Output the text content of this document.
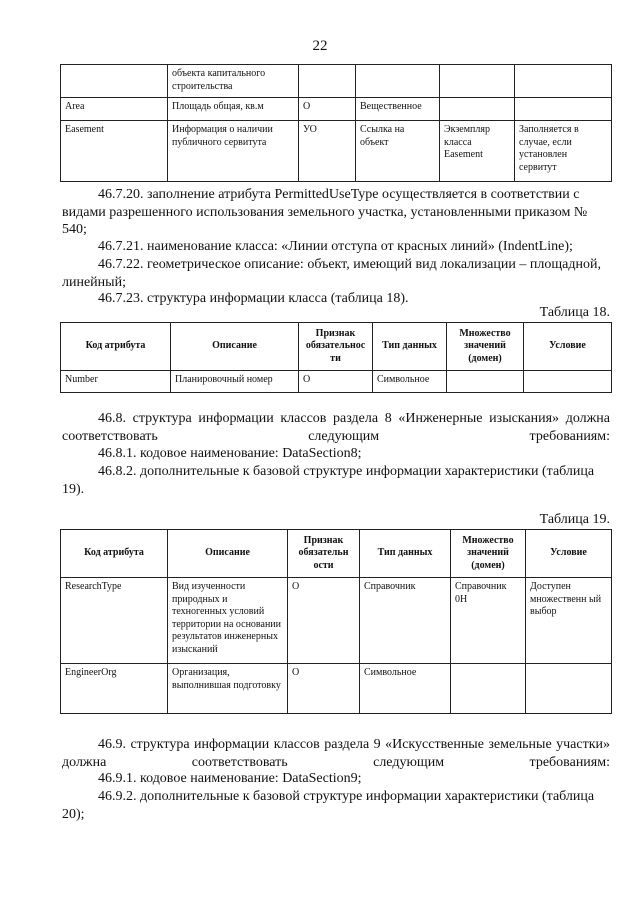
22
	объекта капитального строительства				
Area	Площадь общая, кв.м	О	Вещественное		
Easement	Информация о наличии публичного сервитута	УО	Ссылка на объект	Экземпляр класса Easement	Заполняется в случае, если установлен сервитут

46.7.20. заполнение атрибута PermittedUseType осуществляется в соответствии с видами разрешенного использования земельного участка, установленными приказом № 540;

46.7.21. наименование класса: «Линии отступа от красных линий» (IndentLine);

46.7.22. геометрическое описание: объект, имеющий вид локализации – площадной, линейный;

46.7.23. структура информации класса (таблица 18).

Таблица 18.
Код атрибута	Описание	Признак обязательнос ти	Тип данных	Множество значений (домен)	Условие
Number	Планировочный номер	О	Символьное		

46.8. структура информации классов раздела 8 «Инженерные изыскания» должна соответствовать следующим требованиям:

46.8.1. кодовое наименование: DataSection8;

46.8.2. дополнительные к базовой структуре информации характеристики (таблица 19).

Таблица 19.
Код атрибута	Описание	Признак обязательн ости	Тип данных	Множество значений (домен)	Условие
ResearchType	Вид изученности природных и техногенных условий территории на основании результатов инженерных изысканий	О	Справочник	Справочник 0Н	Доступен множественн ый выбор
EngineerOrg	Организация, выполнившая подготовку	О	Символьное		

46.9. структура информации классов раздела 9 «Искусственные земельные участки» должна соответствовать следующим требованиям:

46.9.1. кодовое наименование: DataSection9;

46.9.2. дополнительные к базовой структуре информации характеристики (таблица 20);
